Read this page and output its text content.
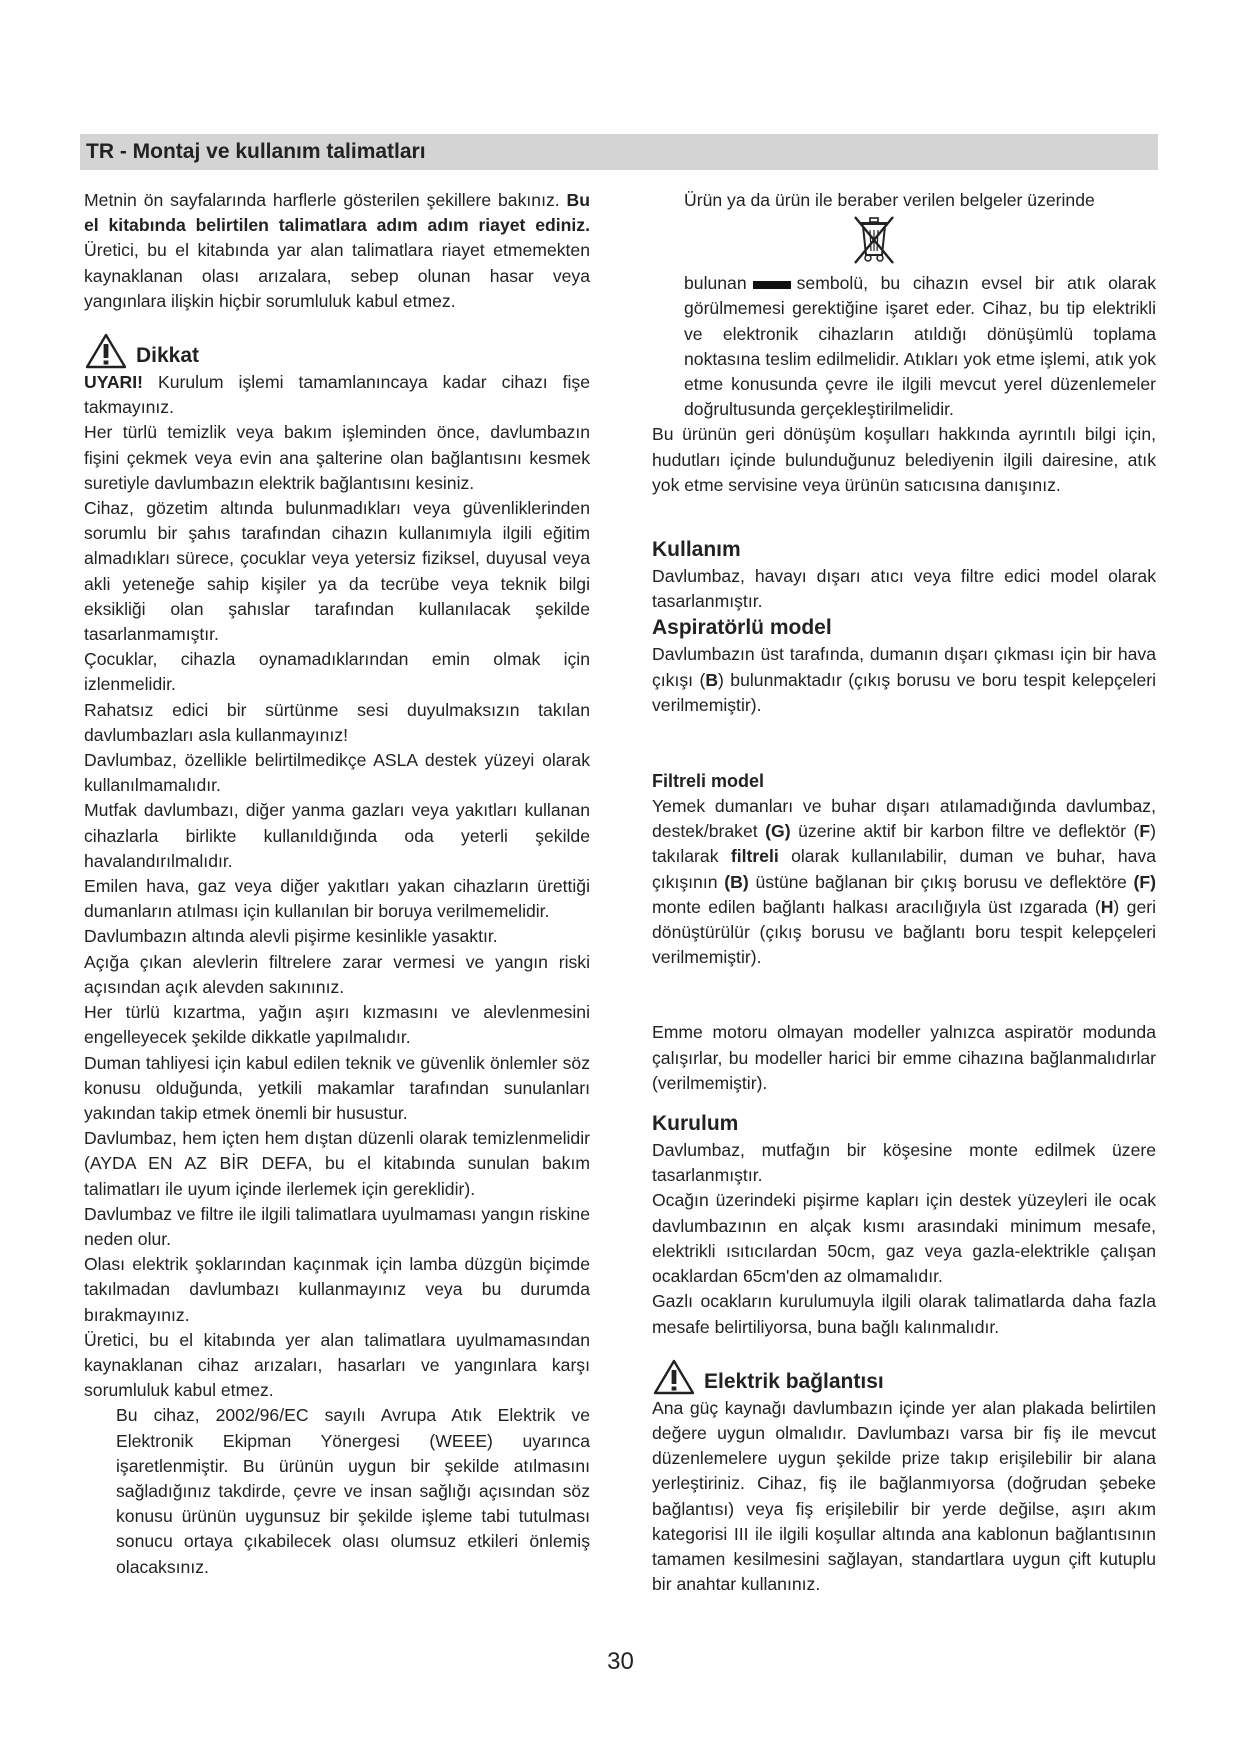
TR - Montaj ve kullanım talimatları

Metnin ön sayfalarında harflerle gösterilen şekillere bakınız. Bu el kitabında belirtilen talimatlara adım adım riayet ediniz. Üretici, bu el kitabında yar alan talimatlara riayet etmemekten kaynaklanan olası arızalara, sebep olunan hasar veya yangınlara ilişkin hiçbir sorumluluk kabul etmez.

Dikkat

UYARI! Kurulum işlemi tamamlanıncaya kadar cihazı fişe takmayınız.

Her türlü temizlik veya bakım işleminden önce, davlumbazın fişini çekmek veya evin ana şalterine olan bağlantısını kesmek suretiyle davlumbazın elektrik bağlantısını kesiniz.

Cihaz, gözetim altında bulunmadıkları veya güvenliklerinden sorumlu bir şahıs tarafından cihazın kullanımıyla ilgili eğitim almadıkları sürece, çocuklar veya yetersiz fiziksel, duyusal veya akli yeteneğe sahip kişiler ya da tecrübe veya teknik bilgi eksikliği olan şahıslar tarafından kullanılacak şekilde tasarlanmamıştır.

Çocuklar, cihazla oynamadıklarından emin olmak için izlenmelidir.

Rahatsız edici bir sürtünme sesi duyulmaksızın takılan davlumbazları asla kullanmayınız!

Davlumbaz, özellikle belirtilmedikçe ASLA destek yüzeyi olarak kullanılmamalıdır.

Mutfak davlumbazı, diğer yanma gazları veya yakıtları kullanan cihazlarla birlikte kullanıldığında oda yeterli şekilde havalandırılmalıdır.

Emilen hava, gaz veya diğer yakıtları yakan cihazların ürettiği dumanların atılması için kullanılan bir boruya verilmemelidir.

Davlumbazın altında alevli pişirme kesinlikle yasaktır.

Açığa çıkan alevlerin filtrelere zarar vermesi ve yangın riski açısından açık alevden sakınınız.

Her türlü kızartma, yağın aşırı kızmasını ve alevlenmesini engelleyecek şekilde dikkatle yapılmalıdır.

Duman tahliyesi için kabul edilen teknik ve güvenlik önlemler söz konusu olduğunda, yetkili makamlar tarafından sunulanları yakından takip etmek önemli bir husustur.

Davlumbaz, hem içten hem dıştan düzenli olarak temizlenmelidir (AYDA EN AZ BİR DEFA, bu el kitabında sunulan bakım talimatları ile uyum içinde ilerlemek için gereklidir).

Davlumbaz ve filtre ile ilgili talimatlara uyulmaması yangın riskine neden olur.

Olası elektrik şoklarından kaçınmak için lamba düzgün biçimde takılmadan davlumbazı kullanmayınız veya bu durumda bırakmayınız.

Üretici, bu el kitabında yer alan talimatlara uyulmamasından kaynaklanan cihaz arızaları, hasarları ve yangınlara karşı sorumluluk kabul etmez.

Bu cihaz, 2002/96/EC sayılı Avrupa Atık Elektrik ve Elektronik Ekipman Yönergesi (WEEE) uyarınca işaretlenmiştir. Bu ürünün uygun bir şekilde atılmasını sağladığınız takdirde, çevre ve insan sağlığı açısından söz konusu ürünün uygunsuz bir şekilde işleme tabi tutulması sonucu ortaya çıkabilecek olası olumsuz etkileri önlemiş olacaksınız.

Ürün ya da ürün ile beraber verilen belgeler üzerinde

bulunan	sembolü, bu cihazın evsel bir atık olarak görülmemesi gerektiğine işaret eder. Cihaz, bu tip elektrikli ve elektronik cihazların atıldığı dönüşümlü toplama noktasına teslim edilmelidir. Atıkları yok etme işlemi, atık yok etme konusunda çevre ile ilgili mevcut yerel düzenlemeler doğrultusunda gerçekleştirilmelidir.

Bu ürünün geri dönüşüm koşulları hakkında ayrıntılı bilgi için, hudutları içinde bulunduğunuz belediyenin ilgili dairesine, atık yok etme servisine veya ürünün satıcısına danışınız.

Kullanım

Davlumbaz, havayı dışarı atıcı veya filtre edici model olarak tasarlanmıştır.

Aspiratörlü model

Davlumbazın üst tarafında, dumanın dışarı çıkması için bir hava çıkışı (B) bulunmaktadır (çıkış borusu ve boru tespit kelepçeleri verilmemiştir).

Filtreli model

Yemek dumanları ve buhar dışarı atılamadığında davlumbaz, destek/braket (G) üzerine aktif bir karbon filtre ve deflektör (F) takılarak filtreli olarak kullanılabilir, duman ve buhar, hava çıkışının (B) üstüne bağlanan bir çıkış borusu ve deflektöre (F) monte edilen bağlantı halkası aracılığıyla üst ızgarada (H) geri dönüştürülür (çıkış borusu ve bağlantı boru tespit kelepçeleri verilmemiştir).

Emme motoru olmayan modeller yalnızca aspiratör modunda çalışırlar, bu modeller harici bir emme cihazına bağlanmalıdırlar (verilmemiştir).

Kurulum

Davlumbaz, mutfağın bir köşesine monte edilmek üzere tasarlanmıştır.

Ocağın üzerindeki pişirme kapları için destek yüzeyleri ile ocak davlumbazının en alçak kısmı arasındaki minimum mesafe, elektrikli ısıtıcılardan 50cm, gaz veya gazla-elektrikle çalışan ocaklardan 65cm'den az olmamalıdır.

Gazlı ocakların kurulumuyla ilgili olarak talimatlarda daha fazla mesafe belirtiliyorsa, buna bağlı kalınmalıdır.

Elektrik bağlantısı

Ana güç kaynağı davlumbazın içinde yer alan plakada belirtilen değere uygun olmalıdır. Davlumbazı varsa bir fiş ile mevcut düzenlemelere uygun şekilde prize takıp erişilebilir bir alana yerleştiriniz. Cihaz, fiş ile bağlanmıyorsa (doğrudan şebeke bağlantısı) veya fiş erişilebilir bir yerde değilse, aşırı akım kategorisi III ile ilgili koşullar altında ana kablonun bağlantısının tamamen kesilmesini sağlayan, standartlara uygun çift kutuplu bir anahtar kullanınız.

30
